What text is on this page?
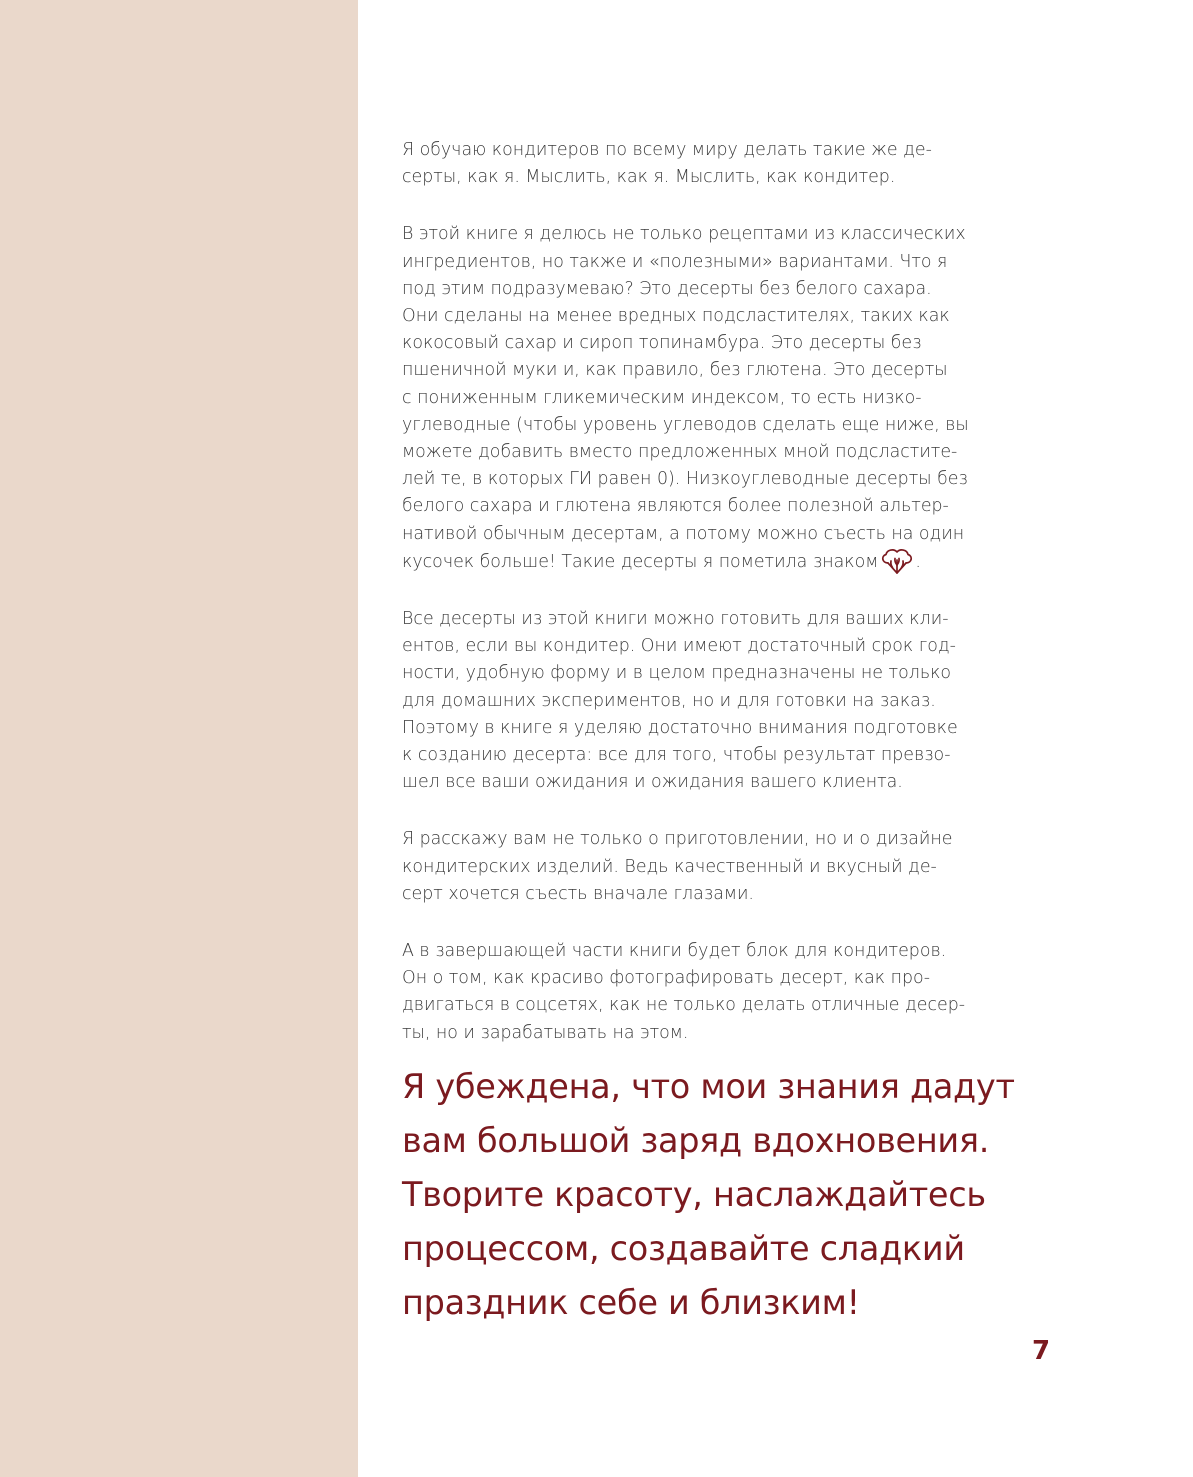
Я обучаю кондитеров по всему миру делать такие же де-
серты, как я. Мыслить, как я. Мыслить, как кондитер.

В этой книге я делюсь не только рецептами из классических
ингредиентов, но также и «полезными» вариантами. Что я
под этим подразумеваю? Это десерты без белого сахара.
Они сделаны на менее вредных подсластителях, таких как
кокосовый сахар и сироп топинамбура. Это десерты без
пшеничной муки и, как правило, без глютена. Это десерты
с пониженным гликемическим индексом, то есть низко-
углеводные (чтобы уровень углеводов сделать еще ниже, вы
можете добавить вместо предложенных мной подсластите-
лей те, в которых ГИ равен 0). Низкоуглеводные десерты без
белого сахара и глютена являются более полезной альтер-
нативой обычным десертам, а потому можно съесть на один
кусочек больше! Такие десерты я пометила знаком .

Все десерты из этой книги можно готовить для ваших кли-
ентов, если вы кондитер. Они имеют достаточный срок год-
ности, удобную форму и в целом предназначены не только
для домашних экспериментов, но и для готовки на заказ.
Поэтому в книге я уделяю достаточно внимания подготовке
к созданию десерта: все для того, чтобы результат превзо-
шел все ваши ожидания и ожидания вашего клиента.

Я расскажу вам не только о приготовлении, но и о дизайне
кондитерских изделий. Ведь качественный и вкусный де-
серт хочется съесть вначале глазами.

А в завершающей части книги будет блок для кондитеров.
Он о том, как красиво фотографировать десерт, как про-
двигаться в соцсетях, как не только делать отличные десер-
ты, но и зарабатывать на этом.

Я убеждена, что мои знания дадут
вам большой заряд вдохновения.
Творите красоту, наслаждайтесь
процессом, создавайте сладкий
праздник себе и близким!

7
